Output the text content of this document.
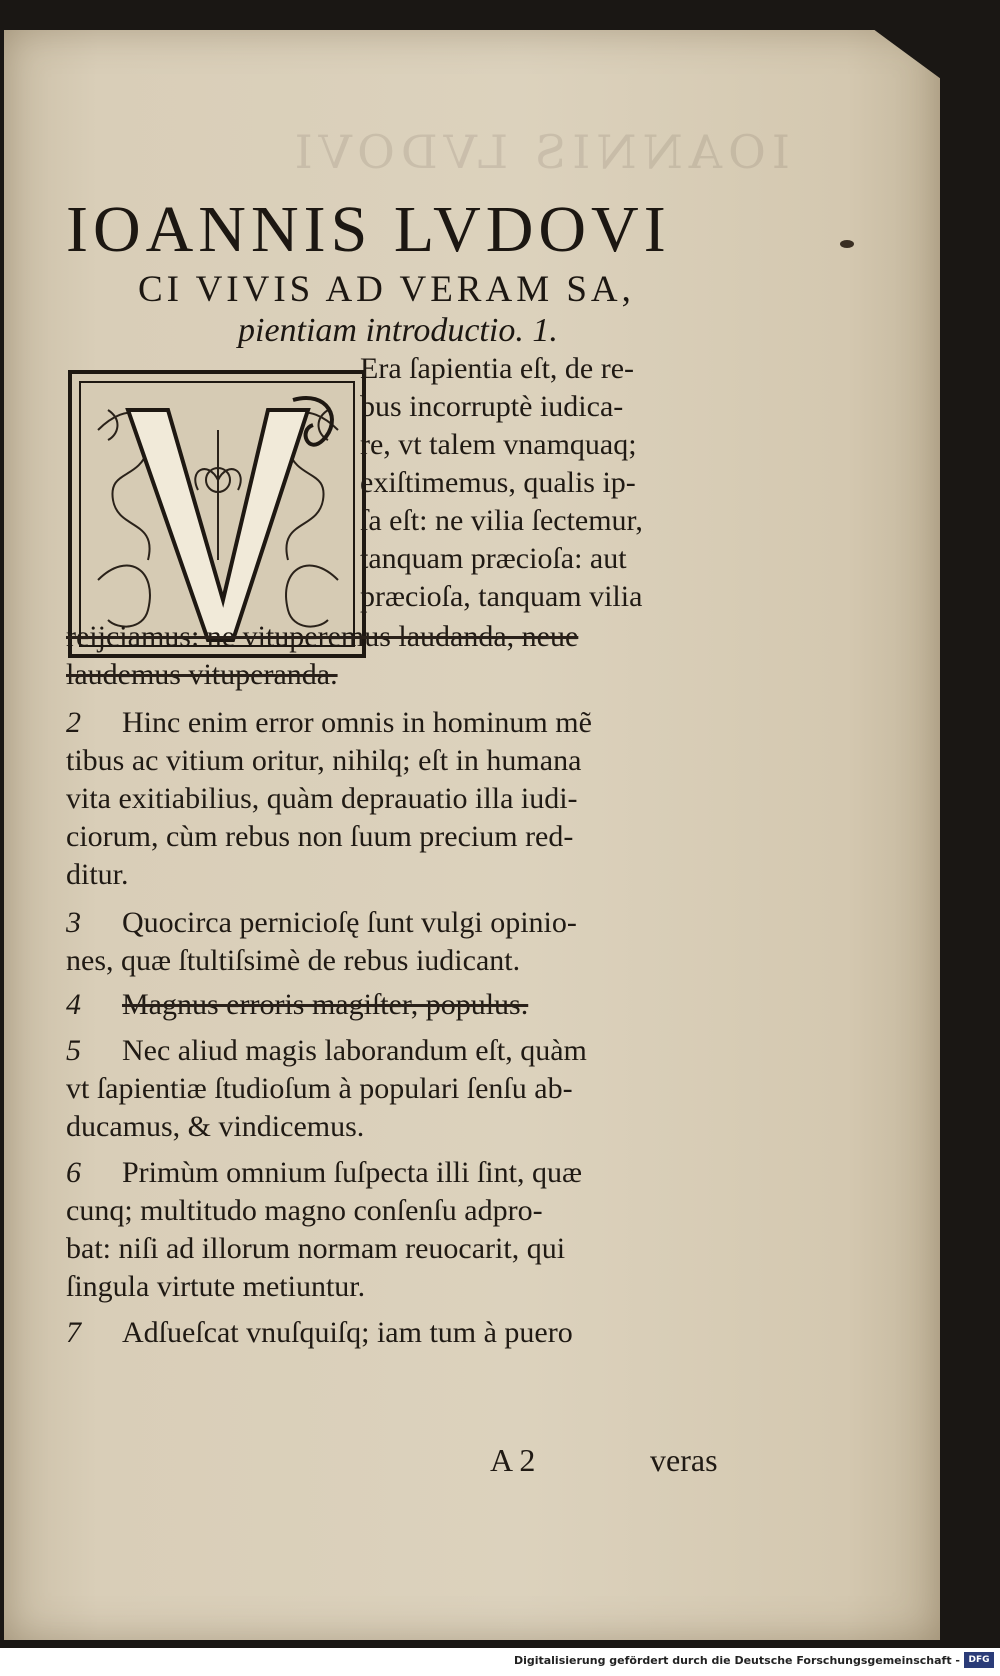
IOANNIS LVDOVI
IOANNIS LVDOVI
CI VIVIS AD VERAM SA,
pientiam introductio. 1.
Era ſapientia eſt, de re-
bus incorruptè iudica-
re, vt talem vnamquaq;
exiſtimemus, qualis ip-
ſa eſt: ne vilia ſectemur,
tanquam præcioſa: aut
præcioſa, tanquam vilia
reijciamus: ne vituperemus laudanda, neue
laudemus vituperanda.
2 Hinc enim error omnis in hominum mẽ
tibus ac vitium oritur, nihilq; eſt in humana
vita exitiabilius, quàm deprauatio illa iudi-
ciorum, cùm rebus non ſuum precium red-
ditur.
3 Quocirca pernicioſę ſunt vulgi opinio-
nes, quæ ſtultiſsimè de rebus iudicant.
4 Magnus erroris magiſter, populus.
5 Nec aliud magis laborandum eſt, quàm
vt ſapientiæ ſtudioſum à populari ſenſu ab-
ducamus, & vindicemus.
6 Primùm omnium ſuſpecta illi ſint, quæ
cunq; multitudo magno conſenſu adpro-
bat: niſi ad illorum normam reuocarit, qui
ſingula virtute metiuntur.
7 Adſueſcat vnuſquiſq; iam tum à puero
A 2	veras
Digitalisierung gefördert durch die Deutsche Forschungsgemeinschaft - DFG
